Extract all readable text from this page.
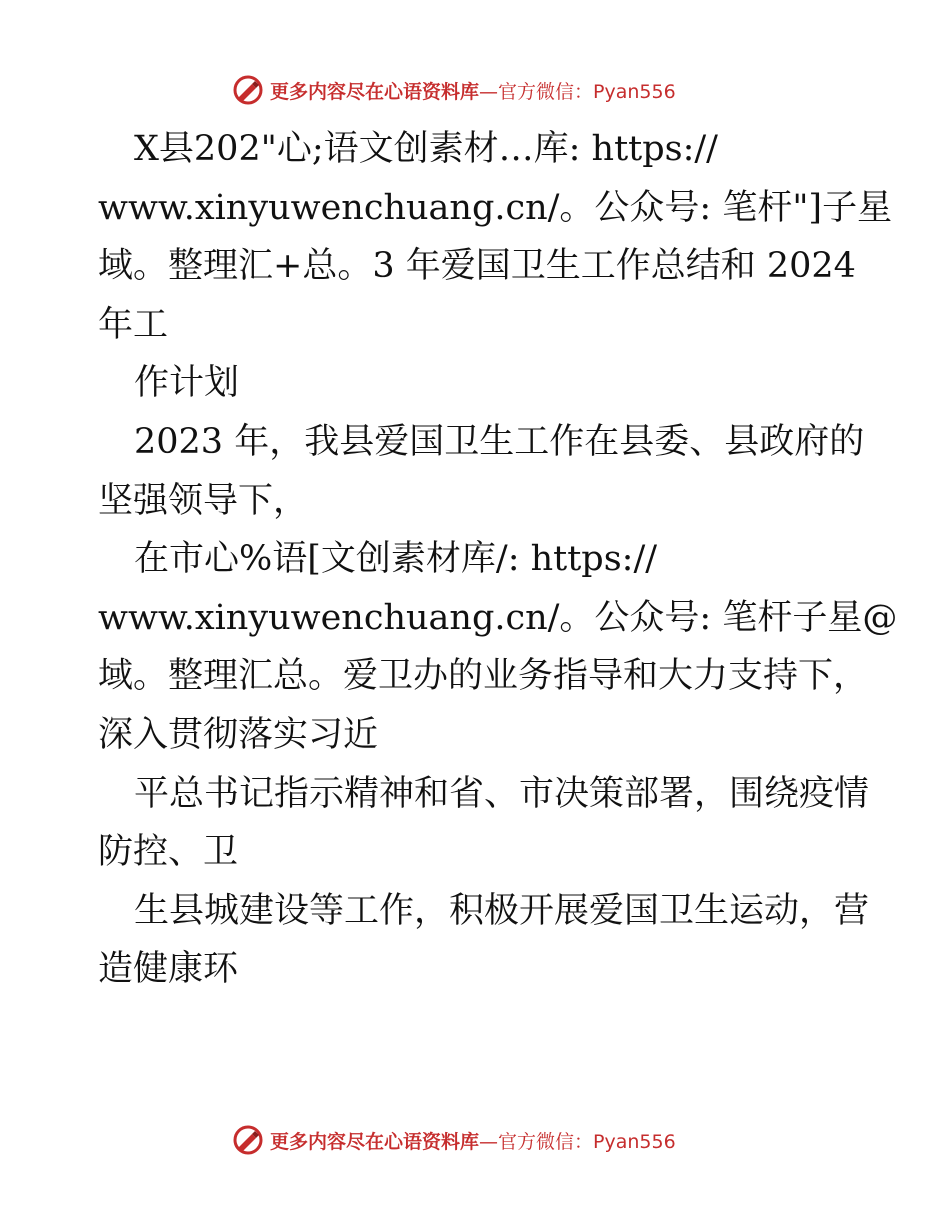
更多内容尽在心语资料库—官方微信：Pyan556
X县202"心;语文创素材…库: https://
www.xinyuwenchuang.cn/。公众号: 笔杆"]子星
域。整理汇+总。3 年爱国卫生工作总结和 2024
年工
作计划
2023 年，我县爱国卫生工作在县委、县政府的
坚强领导下，
在市心%语[文创素材库/: https://
www.xinyuwenchuang.cn/。公众号: 笔杆子星@
域。整理汇总。爱卫办的业务指导和大力支持下，
深入贯彻落实习近
平总书记指示精神和省、市决策部署，围绕疫情
防控、卫
生县城建设等工作，积极开展爱国卫生运动，营
造健康环
更多内容尽在心语资料库—官方微信：Pyan556
